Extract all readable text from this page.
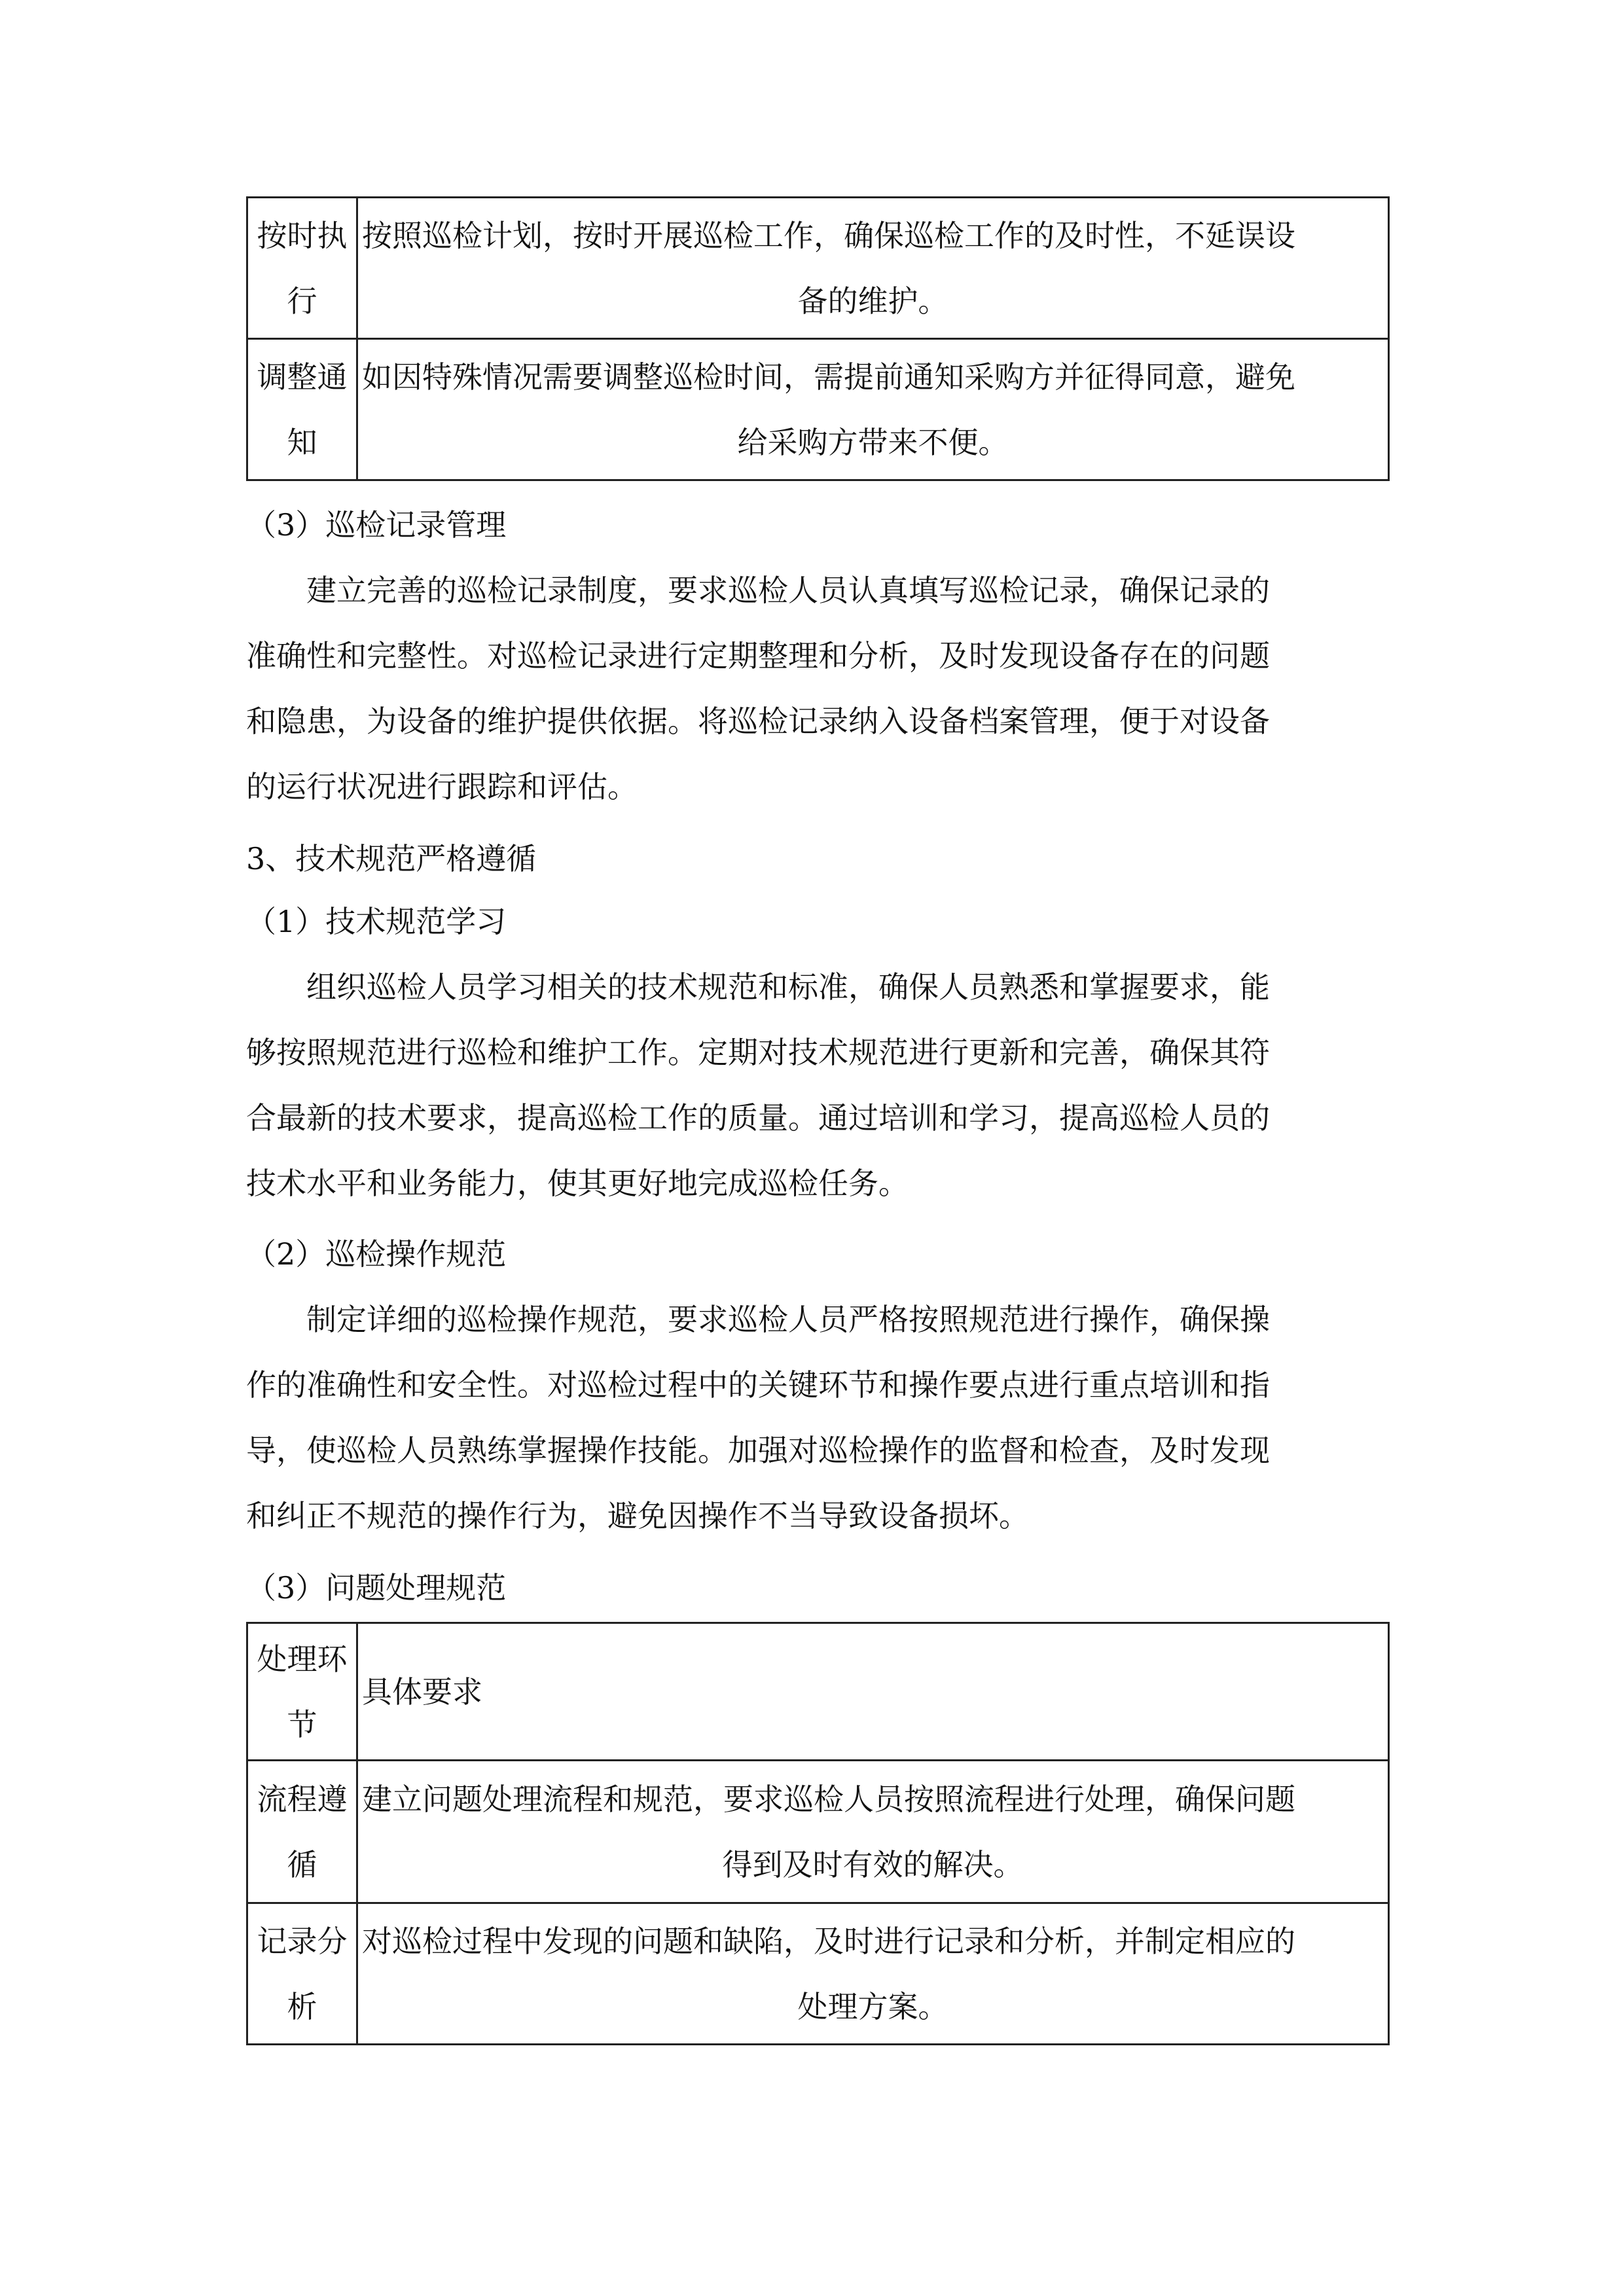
按时执
行	按照巡检计划，按时开展巡检工作，确保巡检工作的及时性，不延误设
备的维护。

调整通
知	如因特殊情况需要调整巡检时间，需提前通知采购方并征得同意，避免
给采购方带来不便。
（3）巡检记录管理
建立完善的巡检记录制度，要求巡检人员认真填写巡检记录，确保记录的
准确性和完整性。对巡检记录进行定期整理和分析，及时发现设备存在的问题
和隐患，为设备的维护提供依据。将巡检记录纳入设备档案管理，便于对设备
的运行状况进行跟踪和评估。
3、技术规范严格遵循
（1）技术规范学习
组织巡检人员学习相关的技术规范和标准，确保人员熟悉和掌握要求，能
够按照规范进行巡检和维护工作。定期对技术规范进行更新和完善，确保其符
合最新的技术要求，提高巡检工作的质量。通过培训和学习，提高巡检人员的
技术水平和业务能力，使其更好地完成巡检任务。
（2）巡检操作规范
制定详细的巡检操作规范，要求巡检人员严格按照规范进行操作，确保操
作的准确性和安全性。对巡检过程中的关键环节和操作要点进行重点培训和指
导，使巡检人员熟练掌握操作技能。加强对巡检操作的监督和检查，及时发现
和纠正不规范的操作行为，避免因操作不当导致设备损坏。
（3）问题处理规范
处理环
节	具体要求

流程遵
循	建立问题处理流程和规范，要求巡检人员按照流程进行处理，确保问题
得到及时有效的解决。

记录分
析	对巡检过程中发现的问题和缺陷，及时进行记录和分析，并制定相应的
处理方案。
